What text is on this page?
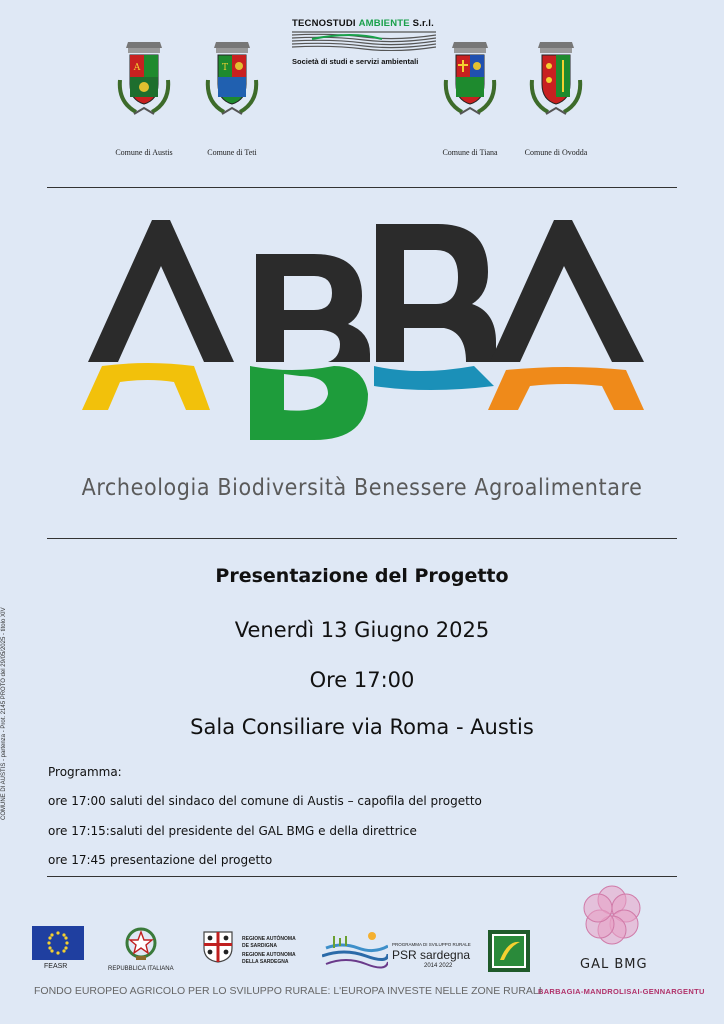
COMUNE DI AUSTIS - partenza - Prot. 2145 PROTO del 29/05/2025 - titolo XIV
A	T
Comune di Austis	Comune di Teti	Comune di Tiana	Comune di Ovodda
TECNOSTUDI AMBIENTE S.r.l.
Società di studi e servizi ambientali
Archeologia Biodiversità Benessere Agroalimentare
Presentazione del Progetto
Venerdì 13 Giugno 2025
Ore 17:00
Sala Consiliare via Roma - Austis
Programma:
ore 17:00 saluti del sindaco del comune di Austis – capofila del progetto
ore 17:15:saluti del presidente del GAL BMG e della direttrice
ore 17:45 presentazione del progetto
FEASR	REPUBBLICA ITALIANA
REGIONE AUTÒNOMA DE SARDIGNA
REGIONE AUTONOMA DELLA SARDEGNA
PROGRAMMA DI SVILUPPO RURALE
PSR sardegna
2014 2022	GAL BMG
BARBAGIA-MANDROLISAI-GENNARGENTU
FONDO EUROPEO AGRICOLO PER LO SVILUPPO RURALE: L'EUROPA INVESTE NELLE ZONE RURALI
